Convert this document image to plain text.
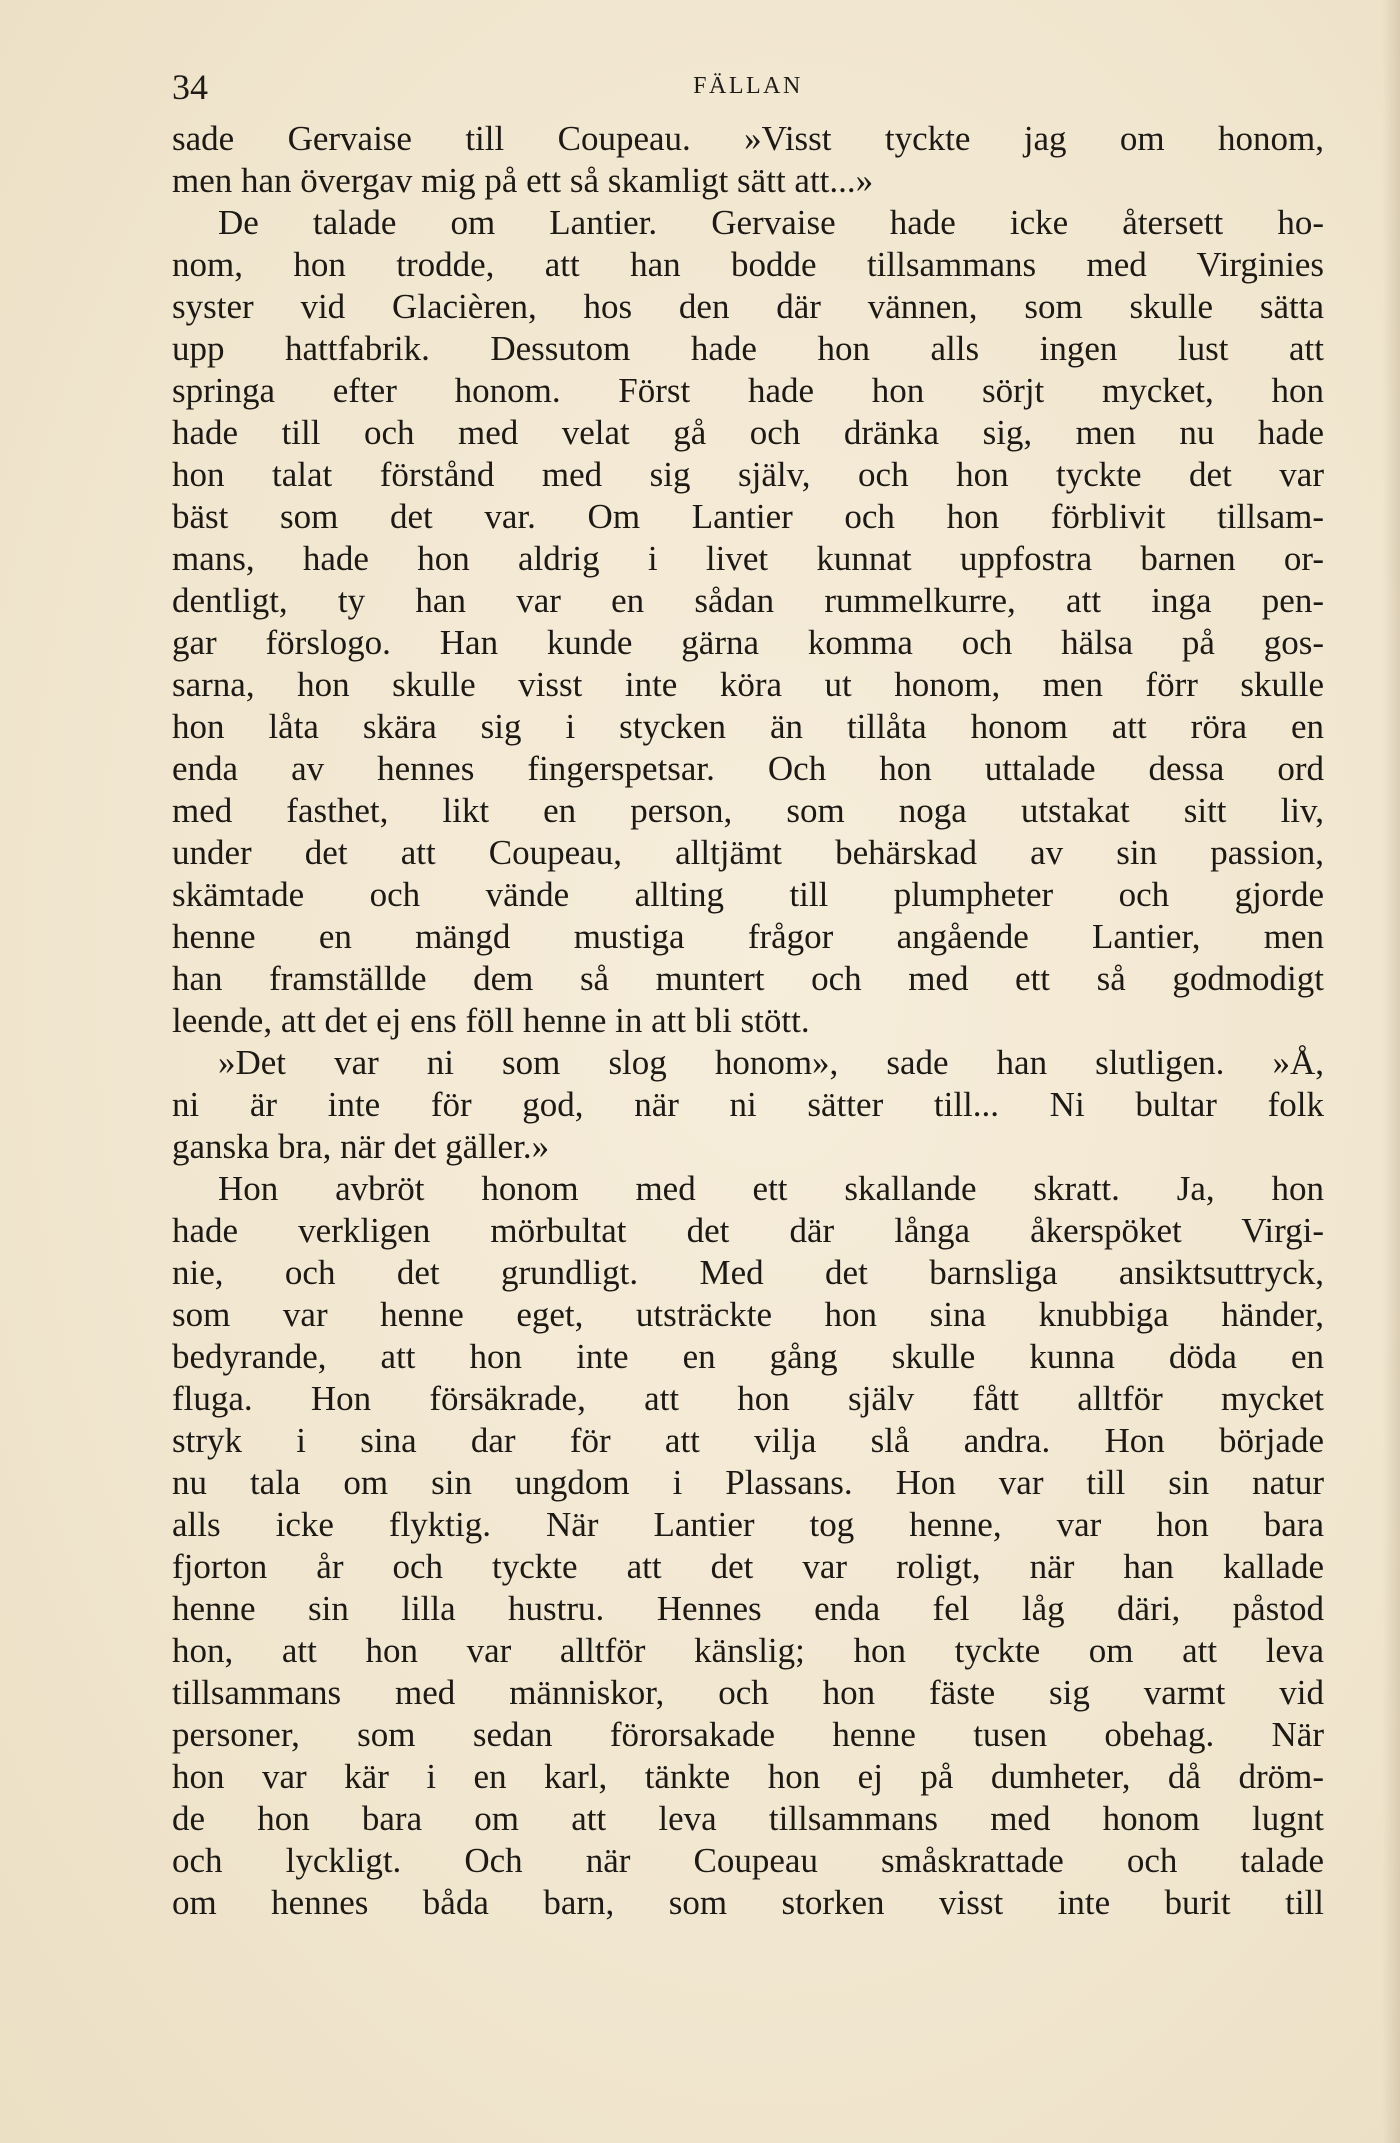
34	FÄLLAN
sade Gervaise till Coupeau. »Visst tyckte jag om honom,
men han övergav mig på ett så skamligt sätt att...»
De talade om Lantier. Gervaise hade icke återsett ho-
nom, hon trodde, att han bodde tillsammans med Virginies
syster vid Glacièren, hos den där vännen, som skulle sätta
upp hattfabrik. Dessutom hade hon alls ingen lust att
springa efter honom. Först hade hon sörjt mycket, hon
hade till och med velat gå och dränka sig, men nu hade
hon talat förstånd med sig själv, och hon tyckte det var
bäst som det var. Om Lantier och hon förblivit tillsam-
mans, hade hon aldrig i livet kunnat uppfostra barnen or-
dentligt, ty han var en sådan rummelkurre, att inga pen-
gar förslogo. Han kunde gärna komma och hälsa på gos-
sarna, hon skulle visst inte köra ut honom, men förr skulle
hon låta skära sig i stycken än tillåta honom att röra en
enda av hennes fingerspetsar. Och hon uttalade dessa ord
med fasthet, likt en person, som noga utstakat sitt liv,
under det att Coupeau, alltjämt behärskad av sin passion,
skämtade och vände allting till plumpheter och gjorde
henne en mängd mustiga frågor angående Lantier, men
han framställde dem så muntert och med ett så godmodigt
leende, att det ej ens föll henne in att bli stött.
»Det var ni som slog honom», sade han slutligen. »Å,
ni är inte för god, när ni sätter till... Ni bultar folk
ganska bra, när det gäller.»
Hon avbröt honom med ett skallande skratt. Ja, hon
hade verkligen mörbultat det där långa åkerspöket Virgi-
nie, och det grundligt. Med det barnsliga ansiktsuttryck,
som var henne eget, utsträckte hon sina knubbiga händer,
bedyrande, att hon inte en gång skulle kunna döda en
fluga. Hon försäkrade, att hon själv fått alltför mycket
stryk i sina dar för att vilja slå andra. Hon började
nu tala om sin ungdom i Plassans. Hon var till sin natur
alls icke flyktig. När Lantier tog henne, var hon bara
fjorton år och tyckte att det var roligt, när han kallade
henne sin lilla hustru. Hennes enda fel låg däri, påstod
hon, att hon var alltför känslig; hon tyckte om att leva
tillsammans med människor, och hon fäste sig varmt vid
personer, som sedan förorsakade henne tusen obehag. När
hon var kär i en karl, tänkte hon ej på dumheter, då dröm-
de hon bara om att leva tillsammans med honom lugnt
och lyckligt. Och när Coupeau småskrattade och talade
om hennes båda barn, som storken visst inte burit till
